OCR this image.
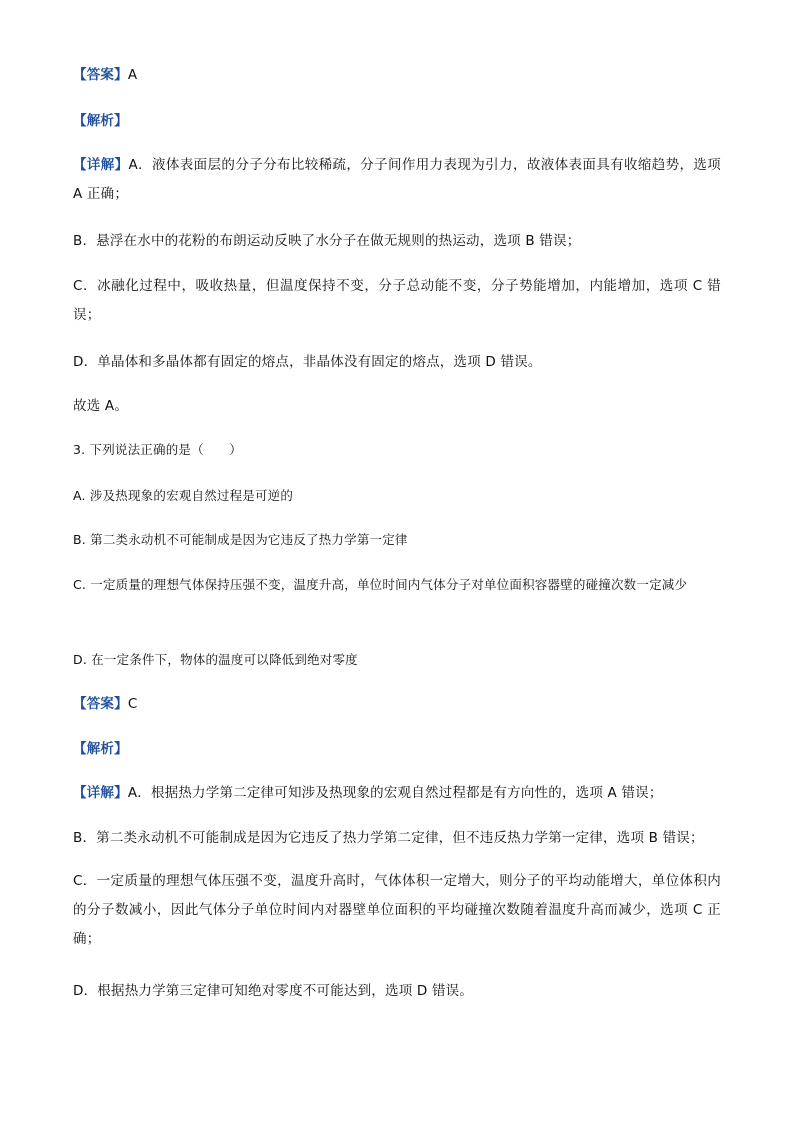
【答案】A
【解析】
【详解】A．液体表面层的分子分布比较稀疏，分子间作用力表现为引力，故液体表面具有收缩趋势，选项 A 正确；
B．悬浮在水中的花粉的布朗运动反映了水分子在做无规则的热运动，选项 B 错误；
C．冰融化过程中，吸收热量，但温度保持不变，分子总动能不变，分子势能增加，内能增加，选项 C 错误；
D．单晶体和多晶体都有固定的熔点，非晶体没有固定的熔点，选项 D 错误。
故选 A。
3. 下列说法正确的是（　　）
A. 涉及热现象的宏观自然过程是可逆的
B. 第二类永动机不可能制成是因为它违反了热力学第一定律
C. 一定质量的理想气体保持压强不变，温度升高，单位时间内气体分子对单位面积容器壁的碰撞次数一定减少
D. 在一定条件下，物体的温度可以降低到绝对零度
【答案】C
【解析】
【详解】A．根据热力学第二定律可知涉及热现象的宏观自然过程都是有方向性的，选项 A 错误；
B．第二类永动机不可能制成是因为它违反了热力学第二定律，但不违反热力学第一定律，选项 B 错误；
C．一定质量的理想气体压强不变，温度升高时，气体体积一定增大，则分子的平均动能增大，单位体积内的分子数减小，因此气体分子单位时间内对器壁单位面积的平均碰撞次数随着温度升高而减少，选项 C 正确；
D．根据热力学第三定律可知绝对零度不可能达到，选项 D 错误。
